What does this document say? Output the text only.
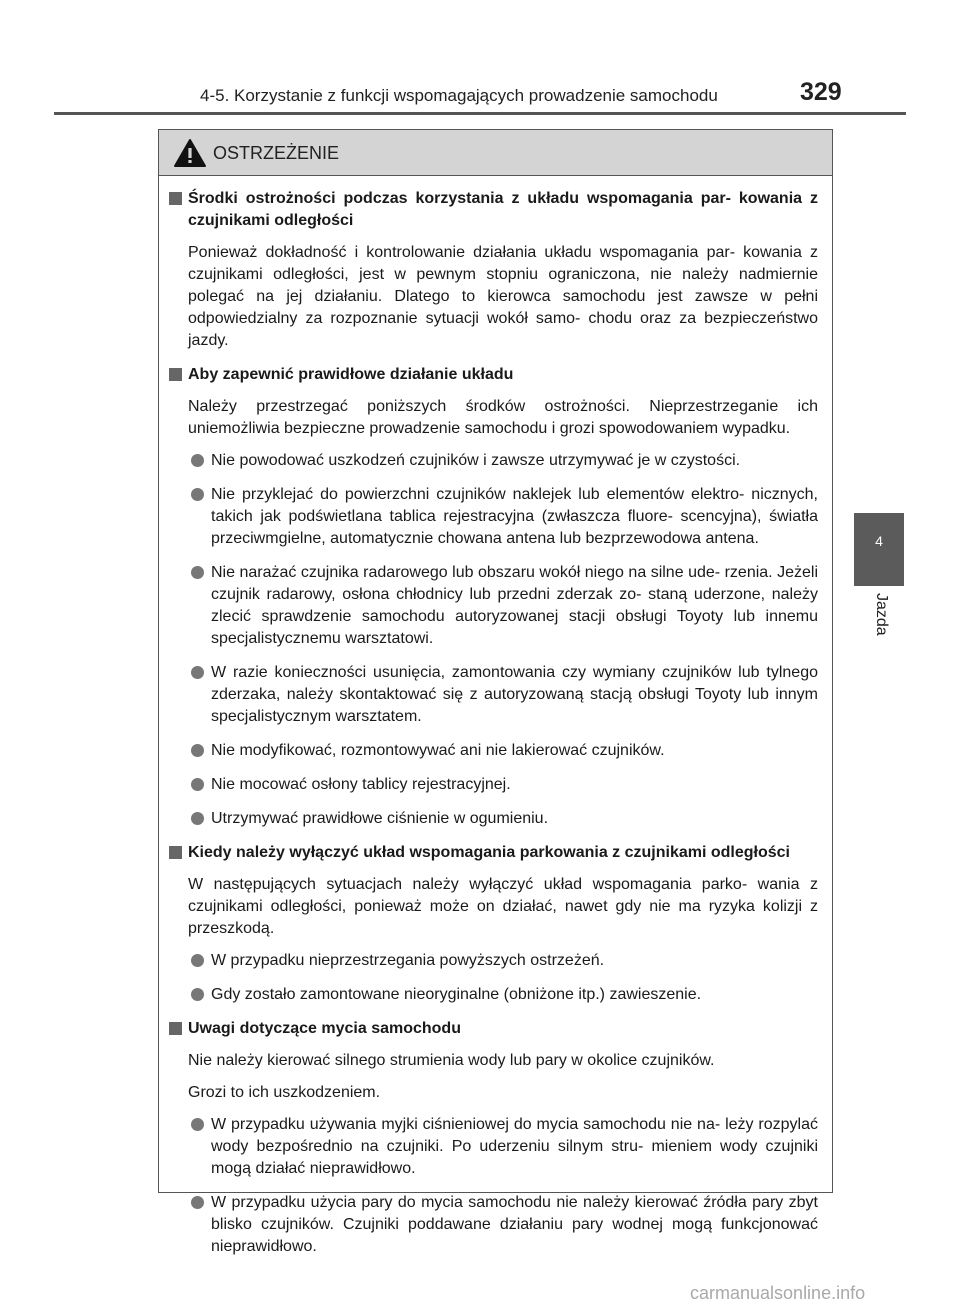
4-5. Korzystanie z funkcji wspomagających prowadzenie samochodu	329
4
Jazda
OSTRZEŻENIE
Środki ostrożności podczas korzystania z układu wspomagania par- kowania z czujnikami odległości
Ponieważ dokładność i kontrolowanie działania układu wspomagania par- kowania z czujnikami odległości, jest w pewnym stopniu ograniczona, nie należy nadmiernie polegać na jej działaniu. Dlatego to kierowca samochodu jest zawsze w pełni odpowiedzialny za rozpoznanie sytuacji wokół samo- chodu oraz za bezpieczeństwo jazdy.
Aby zapewnić prawidłowe działanie układu
Należy przestrzegać poniższych środków ostrożności. Nieprzestrzeganie ich uniemożliwia bezpieczne prowadzenie samochodu i grozi spowodowaniem wypadku.
Nie powodować uszkodzeń czujników i zawsze utrzymywać je w czystości.
Nie przyklejać do powierzchni czujników naklejek lub elementów elektro- nicznych, takich jak podświetlana tablica rejestracyjna (zwłaszcza fluore- scencyjna), światła przeciwmgielne, automatycznie chowana antena lub bezprzewodowa antena.
Nie narażać czujnika radarowego lub obszaru wokół niego na silne ude- rzenia. Jeżeli czujnik radarowy, osłona chłodnicy lub przedni zderzak zo- staną uderzone, należy zlecić sprawdzenie samochodu autoryzowanej stacji obsługi Toyoty lub innemu specjalistycznemu warsztatowi.
W razie konieczności usunięcia, zamontowania czy wymiany czujników lub tylnego zderzaka, należy skontaktować się z autoryzowaną stacją obsługi Toyoty lub innym specjalistycznym warsztatem.
Nie modyfikować, rozmontowywać ani nie lakierować czujników.
Nie mocować osłony tablicy rejestracyjnej.
Utrzymywać prawidłowe ciśnienie w ogumieniu.
Kiedy należy wyłączyć układ wspomagania parkowania z czujnikami odległości
W następujących sytuacjach należy wyłączyć układ wspomagania parko- wania z czujnikami odległości, ponieważ może on działać, nawet gdy nie ma ryzyka kolizji z przeszkodą.
W przypadku nieprzestrzegania powyższych ostrzeżeń.
Gdy zostało zamontowane nieoryginalne (obniżone itp.) zawieszenie.
Uwagi dotyczące mycia samochodu
Nie należy kierować silnego strumienia wody lub pary w okolice czujników.
Grozi to ich uszkodzeniem.
W przypadku używania myjki ciśnieniowej do mycia samochodu nie na- leży rozpylać wody bezpośrednio na czujniki. Po uderzeniu silnym stru- mieniem wody czujniki mogą działać nieprawidłowo.
W przypadku użycia pary do mycia samochodu nie należy kierować źródła pary zbyt blisko czujników. Czujniki poddawane działaniu pary wodnej mogą funkcjonować nieprawidłowo.
carmanualsonline.info
